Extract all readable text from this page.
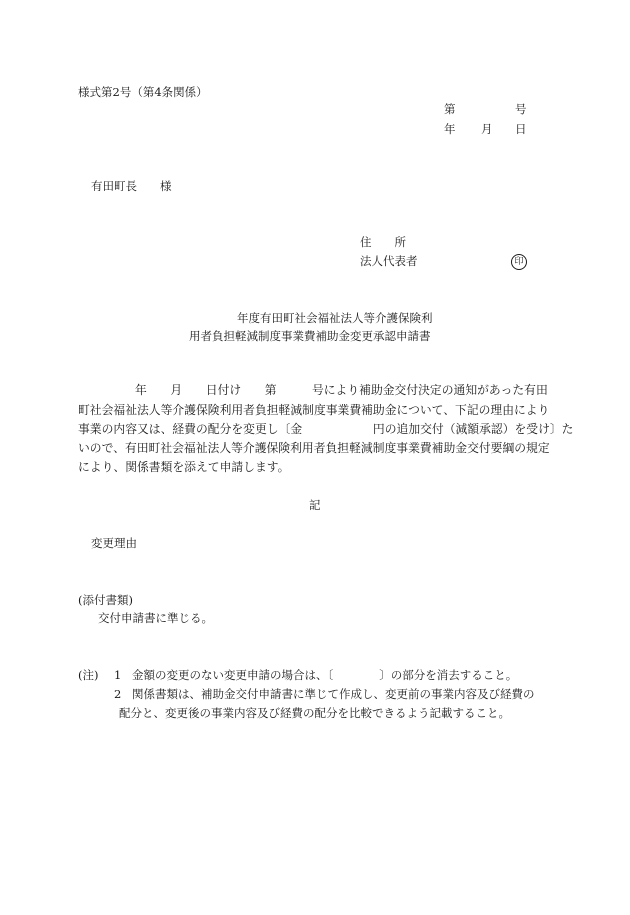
様式第2号（第4条関係）
第	号
年 月 日
有田町長 様
住　　所
法人代表者	印
年度有田町社会福祉法人等介護保険利
用者負担軽減制度事業費補助金変更承認申請書
年　　月　　日付け　　第　　　号により補助金交付決定の通知があった有田
町社会福祉法人等介護保険利用者負担軽減制度事業費補助金について、下記の理由により
事業の内容又は、経費の配分を変更し〔金　　　　　　円の追加交付（減額承認）を受け〕た
いので、有田町社会福祉法人等介護保険利用者負担軽減制度事業費補助金交付要綱の規定
により、関係書類を添えて申請します。
記
変更理由
(添付書類)
交付申請書に準じる。
(注) 1 金額の変更のない変更申請の場合は、〔　　　　〕の部分を消去すること。
2 関係書類は、補助金交付申請書に準じて作成し、変更前の事業内容及び経費の
配分と、変更後の事業内容及び経費の配分を比較できるよう記載すること。
